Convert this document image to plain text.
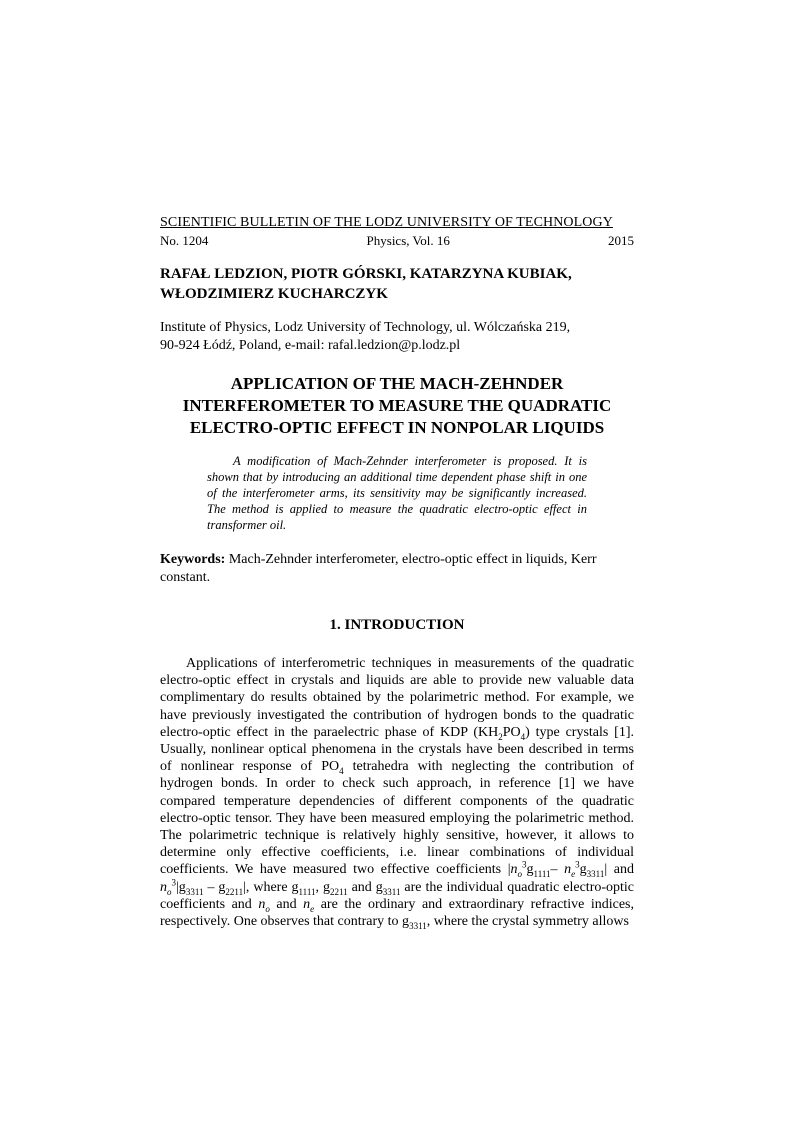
SCIENTIFIC BULLETIN OF THE LODZ UNIVERSITY OF TECHNOLOGY
No. 1204	Physics, Vol. 16	2015
RAFAŁ LEDZION, PIOTR GÓRSKI, KATARZYNA KUBIAK, WŁODZIMIERZ KUCHARCZYK
Institute of Physics, Lodz University of Technology, ul. Wólczańska 219,
90-924 Łódź, Poland, e-mail: rafal.ledzion@p.lodz.pl
APPLICATION OF THE MACH-ZEHNDER INTERFEROMETER TO MEASURE THE QUADRATIC ELECTRO-OPTIC EFFECT IN NONPOLAR LIQUIDS
A modification of Mach-Zehnder interferometer is proposed. It is shown that by introducing an additional time dependent phase shift in one of the interferometer arms, its sensitivity may be significantly increased. The method is applied to measure the quadratic electro-optic effect in transformer oil.
Keywords: Mach-Zehnder interferometer, electro-optic effect in liquids, Kerr constant.
1. INTRODUCTION
Applications of interferometric techniques in measurements of the quadratic electro-optic effect in crystals and liquids are able to provide new valuable data complimentary do results obtained by the polarimetric method. For example, we have previously investigated the contribution of hydrogen bonds to the quadratic electro-optic effect in the paraelectric phase of KDP $(KH_2PO_4)$ type crystals [1]. Usually, nonlinear optical phenomena in the crystals have been described in terms of nonlinear response of $PO_4$ tetrahedra with neglecting the contribution of hydrogen bonds. In order to check such approach, in reference [1] we have compared temperature dependencies of different components of the quadratic electro-optic tensor. They have been measured employing the polarimetric method. The polarimetric technique is relatively highly sensitive, however, it allows to determine only effective coefficients, i.e. linear combinations of individual coefficients. We have measured two effective coefficients $|n_o^3g_{1111}-$ $n_e^3g_{3311}|$ and $n_o^3|g_{3311} - g_{2211}|$, where $g_{1111}$, $g_{2211}$ and $g_{3311}$ are the individual quadratic electro-optic coefficients and $n_o$ and $n_e$ are the ordinary and extraordinary refractive indices, respectively. One observes that contrary to $g_{3311}$, where the crystal symmetry allows
